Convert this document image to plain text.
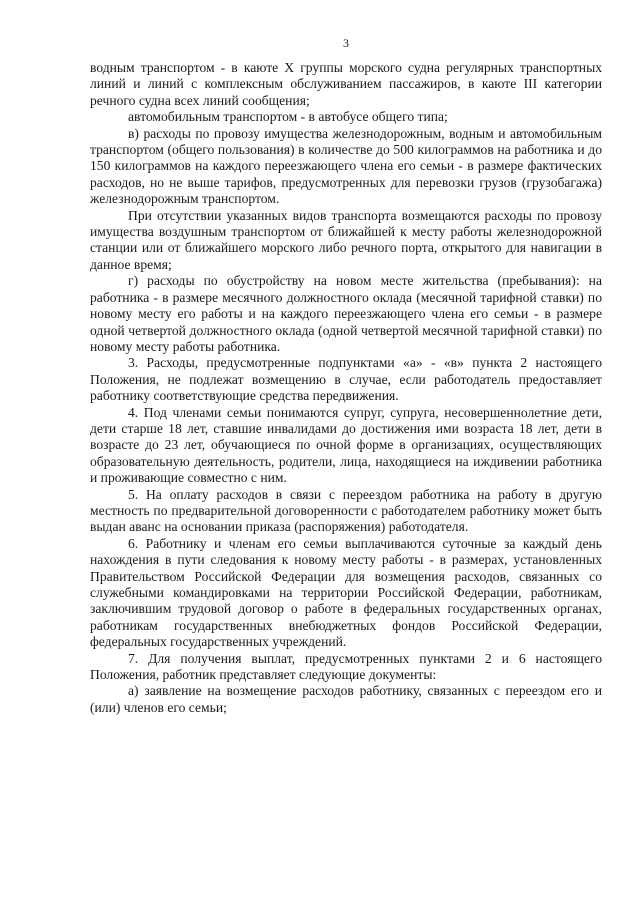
3

водным транспортом - в каюте X группы морского судна регулярных транспортных линий и линий с комплексным обслуживанием пассажиров, в каюте III категории речного судна всех линий сообщения;

автомобильным транспортом - в автобусе общего типа;

в) расходы по провозу имущества железнодорожным, водным и автомобильным транспортом (общего пользования) в количестве до 500 килограммов на работника и до 150 килограммов на каждого переезжающего члена его семьи - в размере фактических расходов, но не выше тарифов, предусмотренных для перевозки грузов (грузобагажа) железнодорожным транспортом.

При отсутствии указанных видов транспорта возмещаются расходы по провозу имущества воздушным транспортом от ближайшей к месту работы железнодорожной станции или от ближайшего морского либо речного порта, открытого для навигации в данное время;

г) расходы по обустройству на новом месте жительства (пребывания): на работника - в размере месячного должностного оклада (месячной тарифной ставки) по новому месту его работы и на каждого переезжающего члена его семьи - в размере одной четвертой должностного оклада (одной четвертой месячной тарифной ставки) по новому месту работы работника.

3. Расходы, предусмотренные подпунктами «а» - «в» пункта 2 настоящего Положения, не подлежат возмещению в случае, если работодатель предоставляет работнику соответствующие средства передвижения.

4. Под членами семьи понимаются супруг, супруга, несовершеннолетние дети, дети старше 18 лет, ставшие инвалидами до достижения ими возраста 18 лет, дети в возрасте до 23 лет, обучающиеся по очной форме в организациях, осуществляющих образовательную деятельность, родители, лица, находящиеся на иждивении работника и проживающие совместно с ним.

5. На оплату расходов в связи с переездом работника на работу в другую местность по предварительной договоренности с работодателем работнику может быть выдан аванс на основании приказа (распоряжения) работодателя.

6. Работнику и членам его семьи выплачиваются суточные за каждый день нахождения в пути следования к новому месту работы - в размерах, установленных Правительством Российской Федерации для возмещения расходов, связанных со служебными командировками на территории Российской Федерации, работникам, заключившим трудовой договор о работе в федеральных государственных органах, работникам государственных внебюджетных фондов Российской Федерации, федеральных государственных учреждений.

7. Для получения выплат, предусмотренных пунктами 2 и 6 настоящего Положения, работник представляет следующие документы:

а) заявление на возмещение расходов работнику, связанных с переездом его и (или) членов его семьи;
